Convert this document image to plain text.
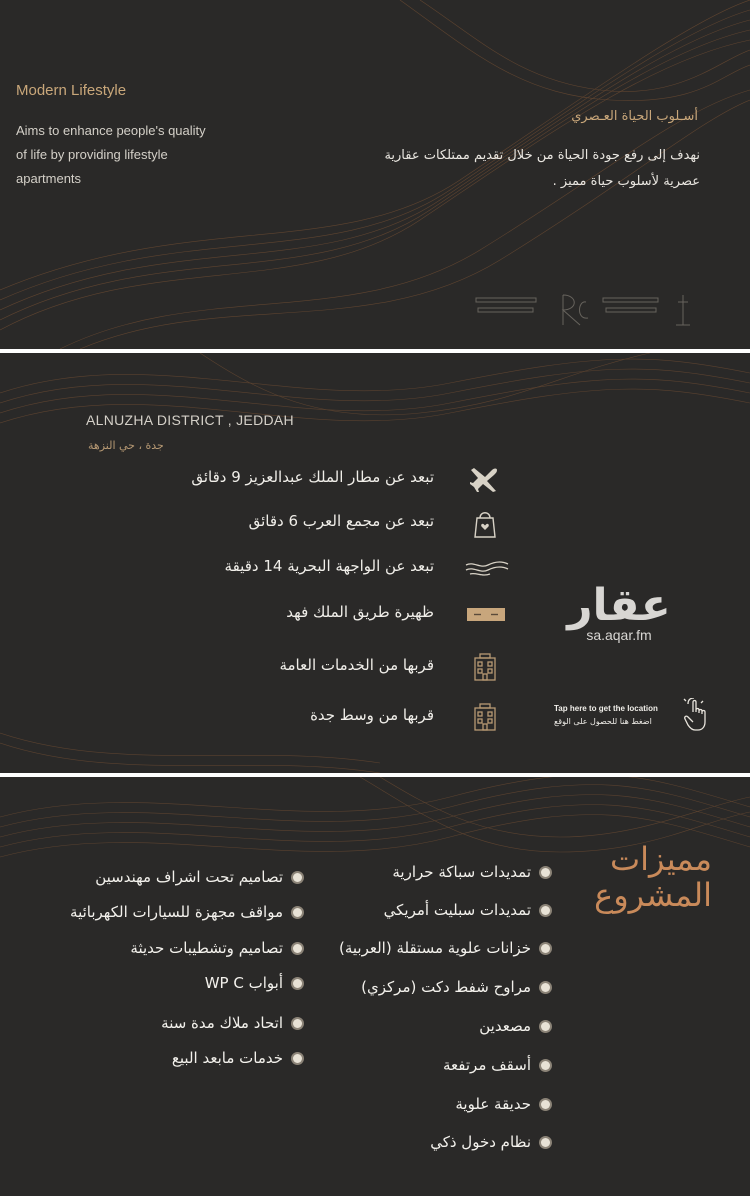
Modern Lifestyle
Aims to enhance people's quality of life by providing lifestyle apartments
أسـلوب الحياة العـصري
نهدف إلى رفع جودة الحياة من خلال تقديم ممتلكات عقارية عصرية لأسلوب حياة مميز .
ALNUZHA DISTRICT , JEDDAH
جدة ، حي النزهة
تبعد عن مطار الملك عبدالعزيز 9 دقائق
تبعد عن مجمع العرب 6 دقائق
تبعد عن الواجهة البحرية 14 دقيقة
ظهيرة طريق الملك فهد
قربها من الخدمات العامة
قربها من وسط جدة
عقار
sa.aqar.fm
Tap here to get the location
اضغط هنا للحصول على الوقع
مميزات
المشروع
تمديدات سباكة حرارية
تمديدات سبليت أمريكي
خزانات علوية مستقلة (العربية)
مراوح شفط دكت (مركزي)
مصعدين
أسقف مرتفعة
حديقة علوية
نظام دخول ذكي
تصاميم تحت اشراف مهندسين
مواقف مجهزة للسيارات الكهربائية
تصاميم وتشطيبات حديثة
أبواب WP C
اتحاد ملاك مدة سنة
خدمات مابعد البيع
